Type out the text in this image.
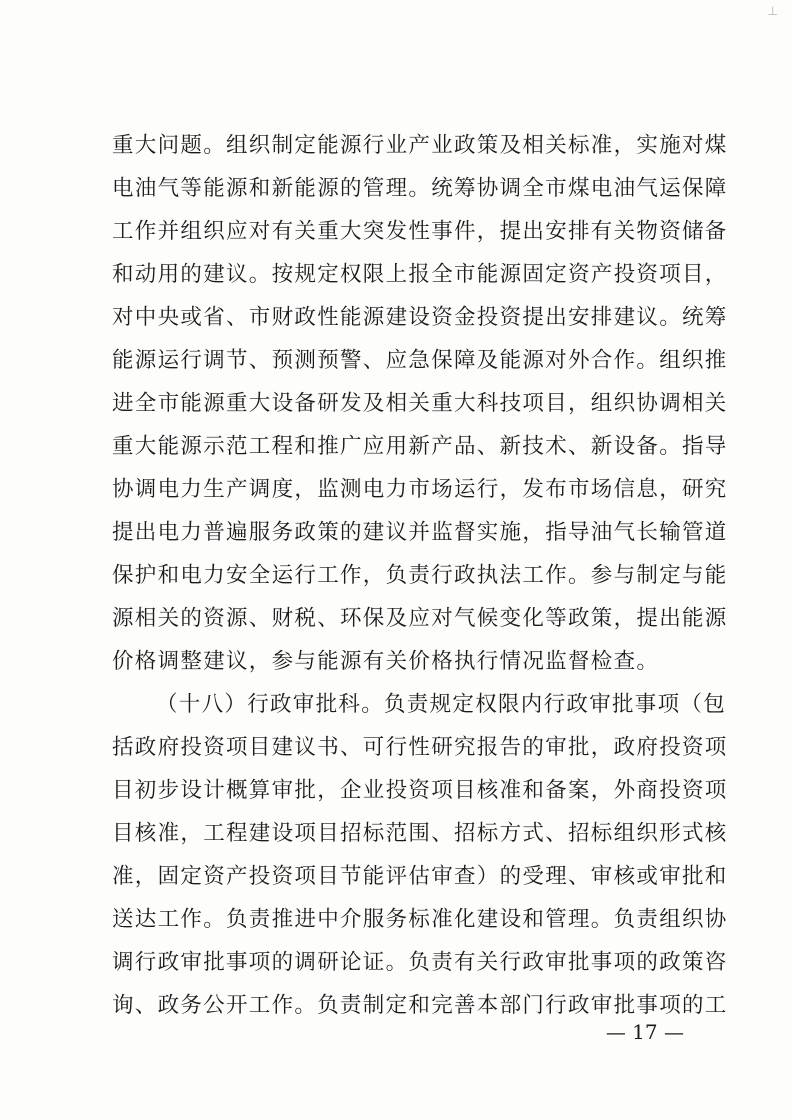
⊥
重大问题。组织制定能源行业产业政策及相关标准，实施对煤
电油气等能源和新能源的管理。统筹协调全市煤电油气运保障
工作并组织应对有关重大突发性事件，提出安排有关物资储备
和动用的建议。按规定权限上报全市能源固定资产投资项目，
对中央或省、市财政性能源建设资金投资提出安排建议。统筹
能源运行调节、预测预警、应急保障及能源对外合作。组织推
进全市能源重大设备研发及相关重大科技项目，组织协调相关
重大能源示范工程和推广应用新产品、新技术、新设备。指导
协调电力生产调度，监测电力市场运行，发布市场信息，研究
提出电力普遍服务政策的建议并监督实施，指导油气长输管道
保护和电力安全运行工作，负责行政执法工作。参与制定与能
源相关的资源、财税、环保及应对气候变化等政策，提出能源
价格调整建议，参与能源有关价格执行情况监督检查。
（十八）行政审批科。负责规定权限内行政审批事项（包
括政府投资项目建议书、可行性研究报告的审批，政府投资项
目初步设计概算审批，企业投资项目核准和备案，外商投资项
目核准，工程建设项目招标范围、招标方式、招标组织形式核
准，固定资产投资项目节能评估审查）的受理、审核或审批和
送达工作。负责推进中介服务标准化建设和管理。负责组织协
调行政审批事项的调研论证。负责有关行政审批事项的政策咨
询、政务公开工作。负责制定和完善本部门行政审批事项的工
— 17 —
